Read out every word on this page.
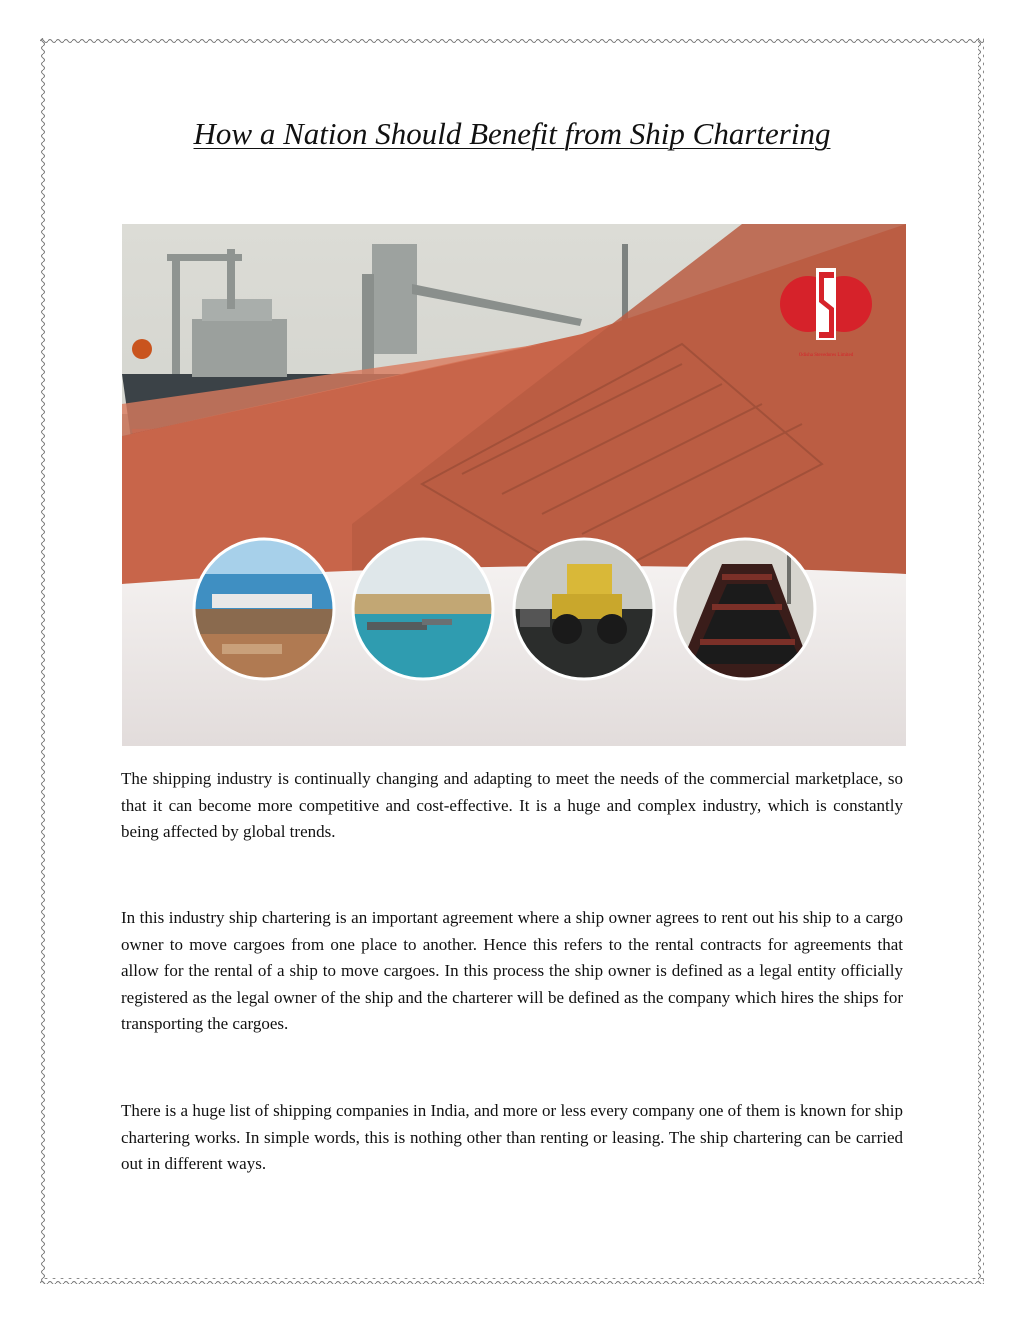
How a Nation Should Benefit from Ship Chartering
Odisha Stevedores Limited

The shipping industry is continually changing and adapting to meet the needs of the commercial marketplace, so that it can become more competitive and cost-effective. It is a huge and complex industry, which is constantly being affected by global trends.

In this industry ship chartering is an important agreement where a ship owner agrees to rent out his ship to a cargo owner to move cargoes from one place to another. Hence this refers to the rental contracts for agreements that allow for the rental of a ship to move cargoes. In this process the ship owner is defined as a legal entity officially registered as the legal owner of the ship and the charterer will be defined as the company which hires the ships for transporting the cargoes.

There is a huge list of shipping companies in India, and more or less every company one of them is known for ship chartering works. In simple words, this is nothing other than renting or leasing. The ship chartering can be carried out in different ways.
